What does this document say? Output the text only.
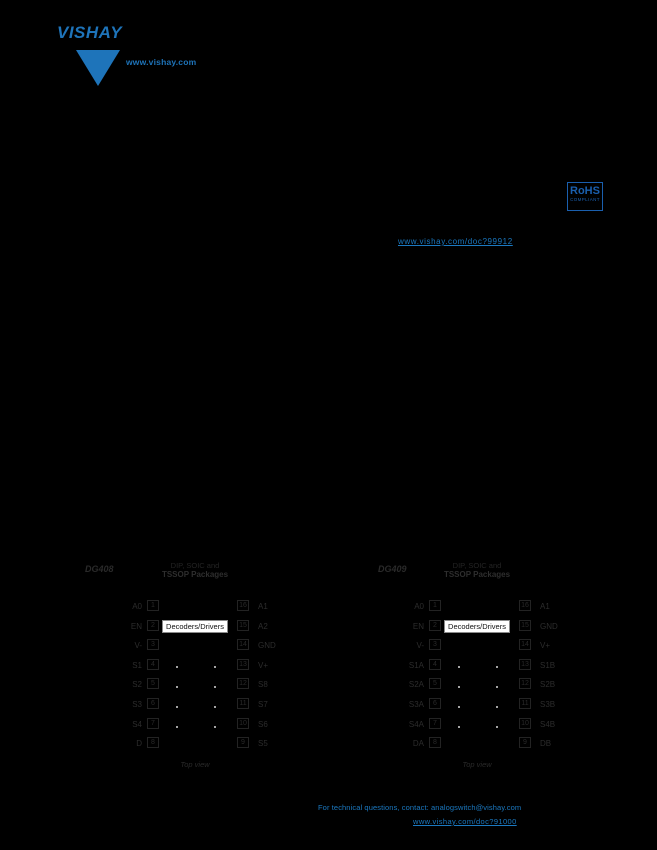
VISHAY
www.vishay.com
RoHS
COMPLIANT
www.vishay.com/doc?99912
DG408	DIP, SOIC and
TSSOP Packages
A0	1	16 A1
EN	2	15 A2
V-	3	14 GND
S1	4	13 V+
S2	5	12 S8
S3	6	11 S7
S4	7	10 S6
D	8	9	S5
Decoders/Drivers
Top view
DG409	DIP, SOIC and
TSSOP Packages
A0	1	16 A1
EN	2	15 GND
V-	3	14 V+
S1A	4	13 S1B
S2A	5	12 S2B
S3A	6	11 S3B
S4A	7	10 S4B
DA	8	9	DB
Decoders/Drivers
Top view
For technical questions, contact: analogswitch@vishay.com
www.vishay.com/doc?91000
